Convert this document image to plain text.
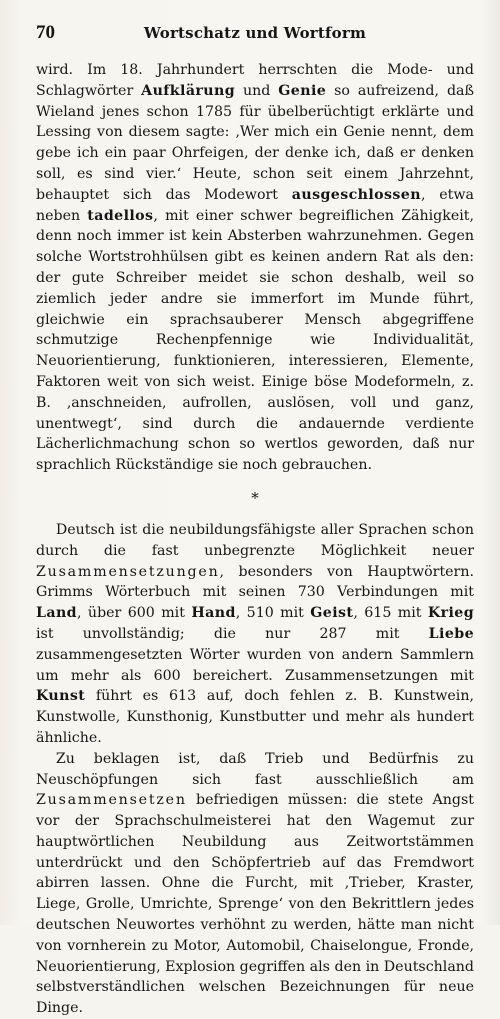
70	Wortschatz und Wortform

wird. Im 18. Jahrhundert herrschten die Mode- und Schlagwörter Aufklärung und Genie so aufreizend, daß Wieland jenes schon 1785 für übelberüchtigt erklärte und Lessing von diesem sagte: ‚Wer mich ein Genie nennt, dem gebe ich ein paar Ohrfeigen, der denke ich, daß er denken soll, es sind vier.‘ Heute, schon seit einem Jahrzehnt, behauptet sich das Modewort ausgeschlossen, etwa neben tadellos, mit einer schwer begreiflichen Zähigkeit, denn noch immer ist kein Absterben wahrzunehmen. Gegen solche Wortstrohhülsen gibt es keinen andern Rat als den: der gute Schreiber meidet sie schon deshalb, weil so ziemlich jeder andre sie immerfort im Munde führt, gleichwie ein sprachsauberer Mensch abgegriffene schmutzige Rechenpfennige wie Individualität, Neuorientierung, funktionieren, interessieren, Elemente, Faktoren weit von sich weist. Einige böse Modeformeln, z. B. ‚anschneiden, aufrollen, auslösen, voll und ganz, unentwegt‘, sind durch die andauernde verdiente Lächerlichmachung schon so wertlos geworden, daß nur sprachlich Rückständige sie noch gebrauchen.

*

Deutsch ist die neubildungsfähigste aller Sprachen schon durch die fast unbegrenzte Möglichkeit neuer Zusammensetzungen, besonders von Hauptwörtern. Grimms Wörterbuch mit seinen 730 Verbindungen mit Land, über 600 mit Hand, 510 mit Geist, 615 mit Krieg ist unvollständig; die nur 287 mit Liebe zusammengesetzten Wörter wurden von andern Sammlern um mehr als 600 bereichert. Zusammensetzungen mit Kunst führt es 613 auf, doch fehlen z. B. Kunstwein, Kunstwolle, Kunsthonig, Kunstbutter und mehr als hundert ähnliche.

Zu beklagen ist, daß Trieb und Bedürfnis zu Neuschöpfungen sich fast ausschließlich am Zusammensetzen befriedigen müssen: die stete Angst vor der Sprachschulmeisterei hat den Wagemut zur hauptwörtlichen Neubildung aus Zeitwortstämmen unterdrückt und den Schöpfertrieb auf das Fremdwort abirren lassen. Ohne die Furcht, mit ‚Trieber, Kraster, Liege, Grolle, Umrichte, Sprenge‘ von den Bekrittlern jedes deutschen Neuwortes verhöhnt zu werden, hätte man nicht von vornherein zu Motor, Automobil, Chaiselongue, Fronde, Neuorientierung, Explosion gegriffen als den in Deutschland selbstverständlichen welschen Bezeichnungen für neue Dinge.
